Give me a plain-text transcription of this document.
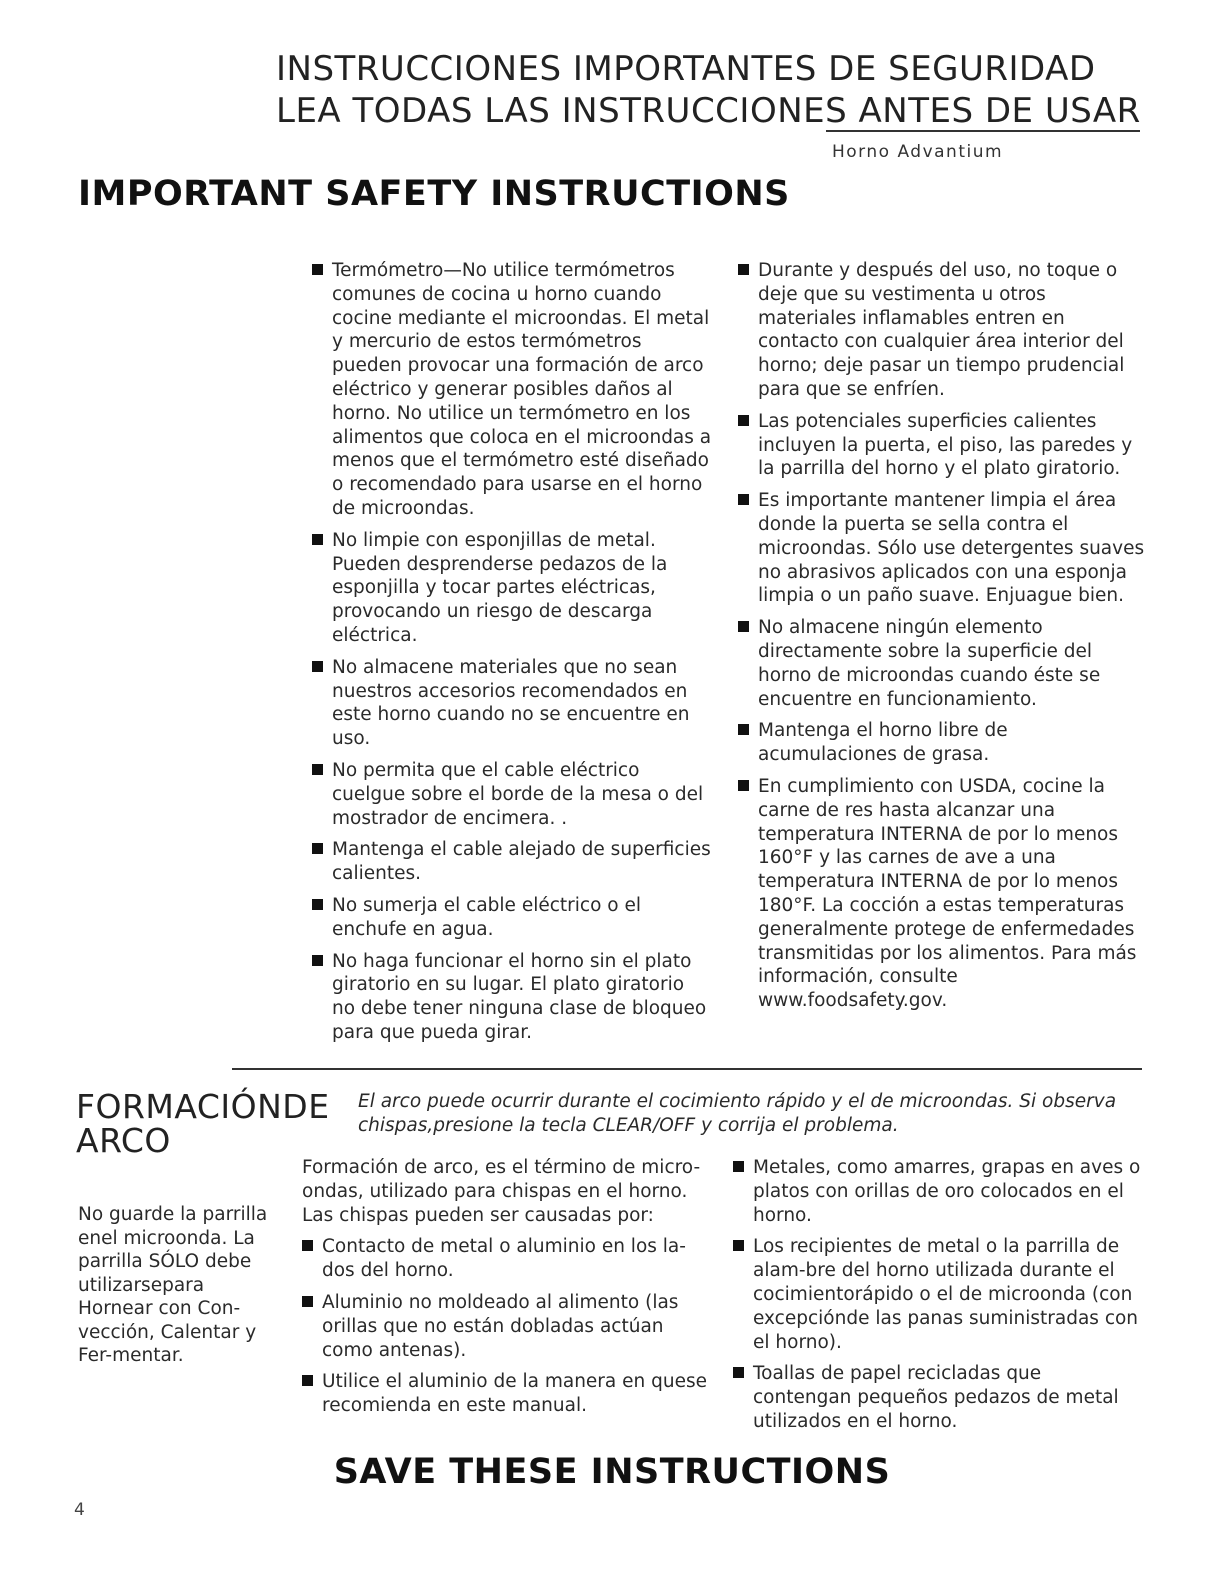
INSTRUCCIONES IMPORTANTES DE SEGURIDAD
LEA TODAS LAS INSTRUCCIONES ANTES DE USAR
Horno Advantium
IMPORTANT SAFETY INSTRUCTIONS
Termómetro—No utilice termómetros comunes de cocina u horno cuando cocine mediante el microondas. El metal y mercurio de estos termómetros pueden provocar una formación de arco eléctrico y generar posibles daños al horno. No utilice un termómetro en los alimentos que coloca en el microondas a menos que el termómetro esté diseñado o recomendado para usarse en el horno de microondas.
No limpie con esponjillas de metal. Pueden desprenderse pedazos de la esponjilla y tocar partes eléctricas, provocando un riesgo de descarga eléctrica.
No almacene materiales que no sean nuestros accesorios recomendados en este horno cuando no se encuentre en uso.
No permita que el cable eléctrico cuelgue sobre el borde de la mesa o del mostrador de encimera. .
Mantenga el cable alejado de superficies calientes.
No sumerja el cable eléctrico o el enchufe en agua.
No haga funcionar el horno sin el plato giratorio en su lugar. El plato giratorio no debe tener ninguna clase de bloqueo para que pueda girar.
Durante y después del uso, no toque o deje que su vestimenta u otros materiales inflamables entren en contacto con cualquier área interior del horno; deje pasar un tiempo prudencial para que se enfríen.
Las potenciales superficies calientes incluyen la puerta, el piso, las paredes y la parrilla del horno y el plato giratorio.
Es importante mantener limpia el área donde la puerta se sella contra el microondas. Sólo use detergentes suaves no abrasivos aplicados con una esponja limpia o un paño suave. Enjuague bien.
No almacene ningún elemento directamente sobre la superficie del horno de microondas cuando éste se encuentre en funcionamiento.
Mantenga el horno libre de acumulaciones de grasa.
En cumplimiento con USDA, cocine la carne de res hasta alcanzar una temperatura INTERNA de por lo menos 160°F y las carnes de ave a una temperatura INTERNA de por lo menos 180°F. La cocción a estas temperaturas generalmente protege de enfermedades transmitidas por los alimentos. Para más información, consulte www.foodsafety.gov.
FORMACIÓNDE
ARCO
El arco puede ocurrir durante el cocimiento rápido y el de microondas. Si observa chispas,presione la tecla CLEAR/OFF y corrija el problema.
No guarde la parrilla enel microonda. La parrilla SÓLO debe utilizarsepara Hornear con Con-vección, Calentar y Fer-mentar.

Formación de arco, es el término de micro-ondas, utilizado para chispas en el horno. Las chispas pueden ser causadas por:

Contacto de metal o aluminio en los la-dos del horno.
Aluminio no moldeado al alimento (las orillas que no están dobladas actúan como antenas).
Utilice el aluminio de la manera en quese recomienda en este manual.
Metales, como amarres, grapas en aves o platos con orillas de oro colocados en el horno.
Los recipientes de metal o la parrilla de alam-bre del horno utilizada durante el cocimientorápido o el de microonda (con excepciónde las panas suministradas con el horno).
Toallas de papel recicladas que contengan pequeños pedazos de metal utilizados en el horno.
SAVE THESE INSTRUCTIONS
4
